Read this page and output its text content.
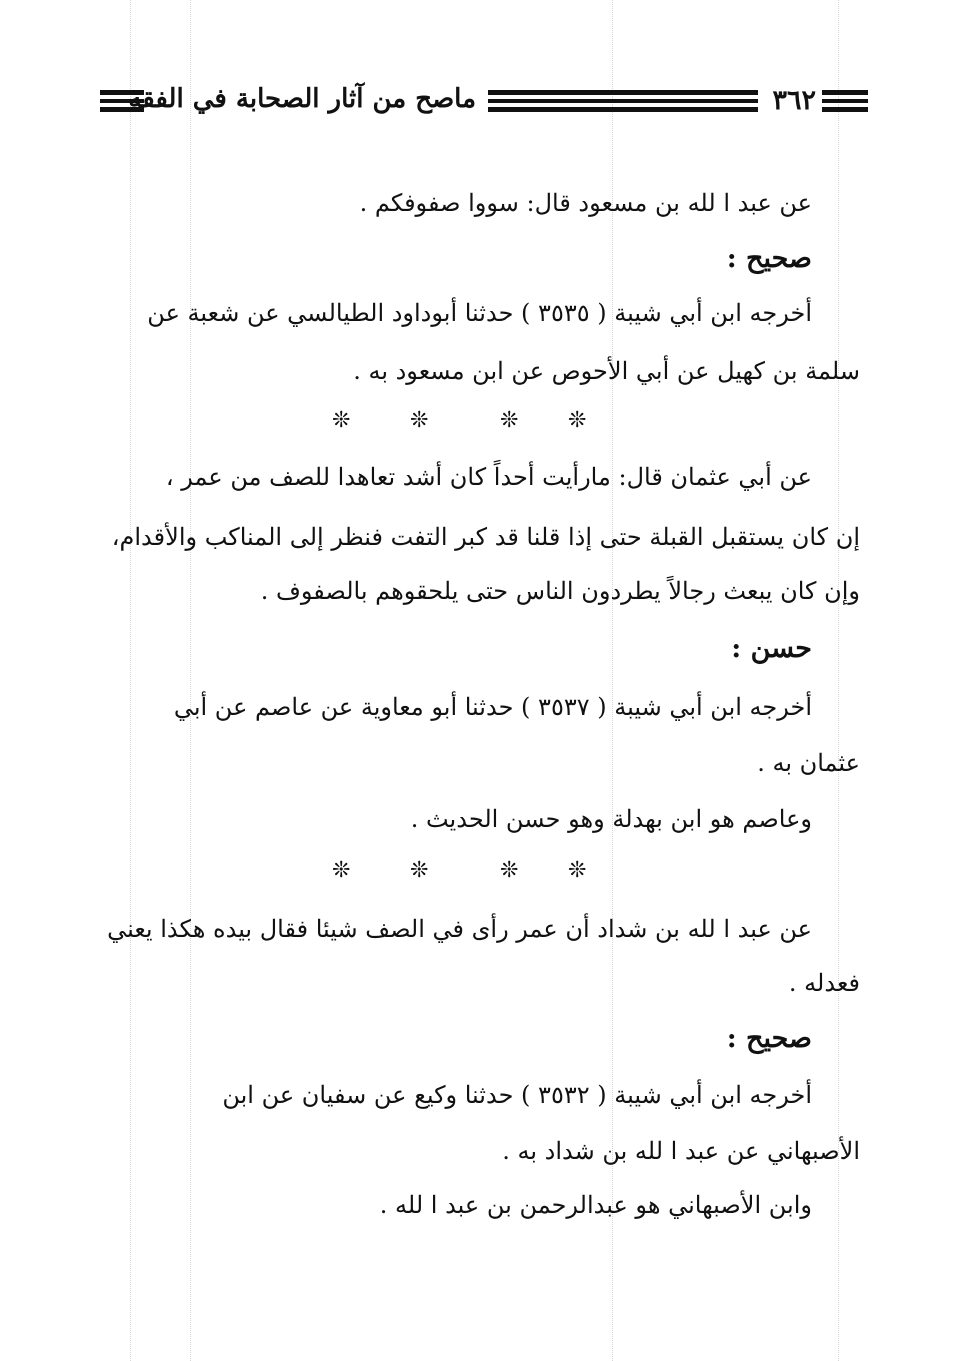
٣٦٢
ماصح من آثار الصحابة في الفقه
عن عبد ا لله بن مسعود قال: سووا صفوفكم .
صحيح :
أخرجه ابن أبي شيبة ( ٣٥٣٥ ) حدثنا أبوداود الطيالسي عن شعبة عن
سلمة بن كهيل عن أبي الأحوص عن ابن مسعود به .
❊	❊	❊ ❊
عن أبي عثمان قال: مارأيت أحداً كان أشد تعاهدا للصف من عمر ،
إن كان يستقبل القبلة حتى إذا قلنا قد كبر التفت فنظر إلى المناكب والأقدام،
وإن كان يبعث رجالاً يطردون الناس حتى يلحقوهم بالصفوف .
حسن :
أخرجه ابن أبي شيبة ( ٣٥٣٧ ) حدثنا أبو معاوية عن عاصم عن أبي
عثمان به .
وعاصم هو ابن بهدلة وهو حسن الحديث .
❊	❊	❊ ❊
عن عبد ا لله بن شداد أن عمر رأى في الصف شيئا فقال بيده هكذا يعني
فعدله .
صحيح :
أخرجه ابن أبي شيبة ( ٣٥٣٢ ) حدثنا وكيع عن سفيان عن ابن
الأصبهاني عن عبد ا لله بن شداد به .
وابن الأصبهاني هو عبدالرحمن بن عبد ا لله .
